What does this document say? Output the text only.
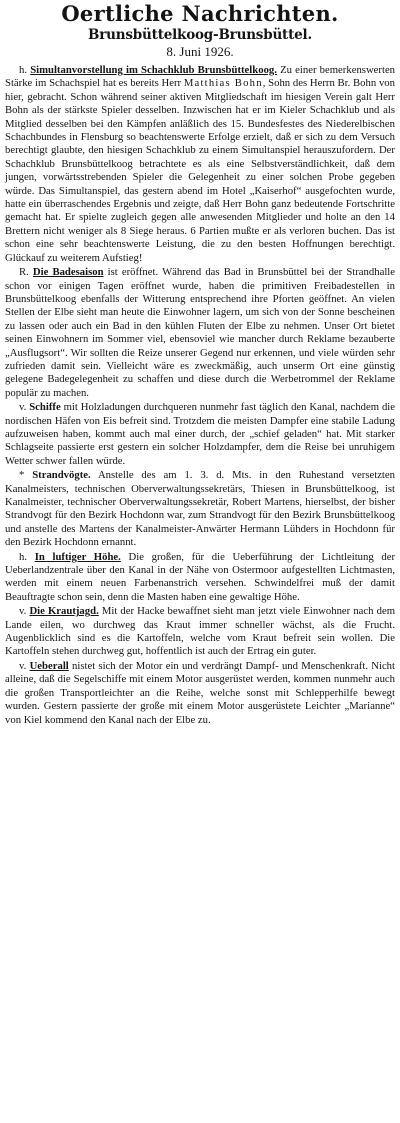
Oertliche Nachrichten.
Brunsbüttelkoog-Brunsbüttel.
8. Juni 1926.

h. Simultanvorstellung im Schachklub Brunsbüttelkoog. Zu einer bemerkenswerten Stärke im Schachspiel hat es bereits Herr Matthias Bohn, Sohn des Herrn Br. Bohn von hier, gebracht. Schon während seiner aktiven Mitgliedschaft im hiesigen Verein galt Herr Bohn als der stärkste Spieler desselben. Inzwischen hat er im Kieler Schachklub und als Mitglied desselben bei den Kämpfen anläßlich des 15. Bundesfestes des Niederelbischen Schachbundes in Flensburg so beachtenswerte Erfolge erzielt, daß er sich zu dem Versuch berechtigt glaubte, den hiesigen Schachklub zu einem Simultanspiel herauszufordern. Der Schachklub Brunsbüttelkoog betrachtete es als eine Selbstverständlichkeit, daß dem jungen, vorwärtsstrebenden Spieler die Gelegenheit zu einer solchen Probe gegeben würde. Das Simultanspiel, das gestern abend im Hotel „Kaiserhof“ ausgefochten wurde, hatte ein überraschendes Ergebnis und zeigte, daß Herr Bohn ganz bedeutende Fortschritte gemacht hat. Er spielte zugleich gegen alle anwesenden Mitglieder und holte an den 14 Brettern nicht weniger als 8 Siege heraus. 6 Partien mußte er als verloren buchen. Das ist schon eine sehr beachtenswerte Leistung, die zu den besten Hoffnungen berechtigt. Glückauf zu weiterem Aufstieg!

R. Die Badesaison ist eröffnet. Während das Bad in Brunsbüttel bei der Strandhalle schon vor einigen Tagen eröffnet wurde, haben die primitiven Freibadestellen in Brunsbüttelkoog ebenfalls der Witterung entsprechend ihre Pforten geöffnet. An vielen Stellen der Elbe sieht man heute die Einwohner lagern, um sich von der Sonne bescheinen zu lassen oder auch ein Bad in den kühlen Fluten der Elbe zu nehmen. Unser Ort bietet seinen Einwohnern im Sommer viel, ebensoviel wie mancher durch Reklame bezauberte „Ausflugsort“. Wir sollten die Reize unserer Gegend nur erkennen, und viele würden sehr zufrieden damit sein. Vielleicht wäre es zweckmäßig, auch unserm Ort eine günstig gelegene Badegelegenheit zu schaffen und diese durch die Werbetrommel der Reklame populär zu machen.

v. Schiffe mit Holzladungen durchqueren nunmehr fast täglich den Kanal, nachdem die nordischen Häfen von Eis befreit sind. Trotzdem die meisten Dampfer eine stabile Ladung aufzuweisen haben, kommt auch mal einer durch, der „schief geladen“ hat. Mit starker Schlagseite passierte erst gestern ein solcher Holzdampfer, dem die Reise bei unruhigem Wetter schwer fallen würde.

* Strandvögte. Anstelle des am 1. 3. d. Mts. in den Ruhestand versetzten Kanalmeisters, technischen Oberverwaltungssekretärs, Thiesen in Brunsbüttelkoog, ist Kanalmeister, technischer Oberverwaltungssekretär, Robert Martens, hierselbst, der bisher Strandvogt für den Bezirk Hochdonn war, zum Strandvogt für den Bezirk Brunsbüttelkoog und anstelle des Martens der Kanalmeister-Anwärter Hermann Lühders in Hochdonn für den Bezirk Hochdonn ernannt.

h. In luftiger Höhe. Die großen, für die Ueberführung der Lichtleitung der Ueberlandzentrale über den Kanal in der Nähe von Ostermoor aufgestellten Lichtmasten, werden mit einem neuen Farbenanstrich versehen. Schwindelfrei muß der damit Beauftragte schon sein, denn die Masten haben eine gewaltige Höhe.

v. Die Krautjagd. Mit der Hacke bewaffnet sieht man jetzt viele Einwohner nach dem Lande eilen, wo durchweg das Kraut immer schneller wächst, als die Frucht. Augenblicklich sind es die Kartoffeln, welche vom Kraut befreit sein wollen. Die Kartoffeln stehen durchweg gut, hoffentlich ist auch der Ertrag ein guter.

v. Ueberall nistet sich der Motor ein und verdrängt Dampf- und Menschenkraft. Nicht alleine, daß die Segelschiffe mit einem Motor ausgerüstet werden, kommen nunmehr auch die großen Transportleichter an die Reihe, welche sonst mit Schlepperhilfe bewegt wurden. Gestern passierte der große mit einem Motor ausgerüstete Leichter „Marianne“ von Kiel kommend den Kanal nach der Elbe zu.
